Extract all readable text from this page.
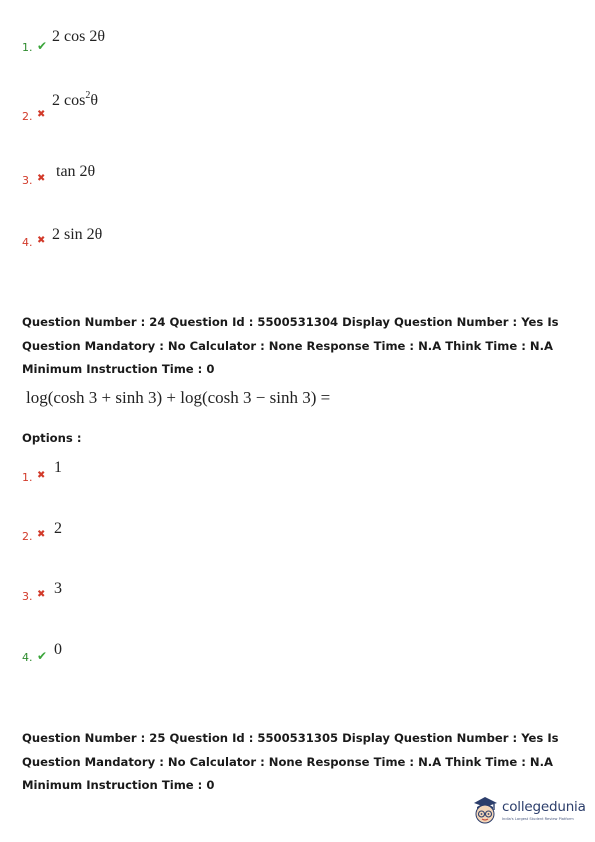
1. ✔
2 cos 2θ
2. ✖
2 $\cos^2\theta$
3. ✖ tan 2θ
4. ✖ 2 sin 2θ
Question Number : 24 Question Id : 5500531304 Display Question Number : Yes Is Question Mandatory : No Calculator : None Response Time : N.A Think Time : N.A Minimum Instruction Time : 0
log(cosh 3 + sinh 3) + log(cosh 3 − sinh 3) =
Options :
1. ✖ 1
2. ✖ 2
3. ✖ 3
4. ✔ 0
Question Number : 25 Question Id : 5500531305 Display Question Number : Yes Is Question Mandatory : No Calculator : None Response Time : N.A Think Time : N.A Minimum Instruction Time : 0
collegedunia
India's Largest Student Review Platform
